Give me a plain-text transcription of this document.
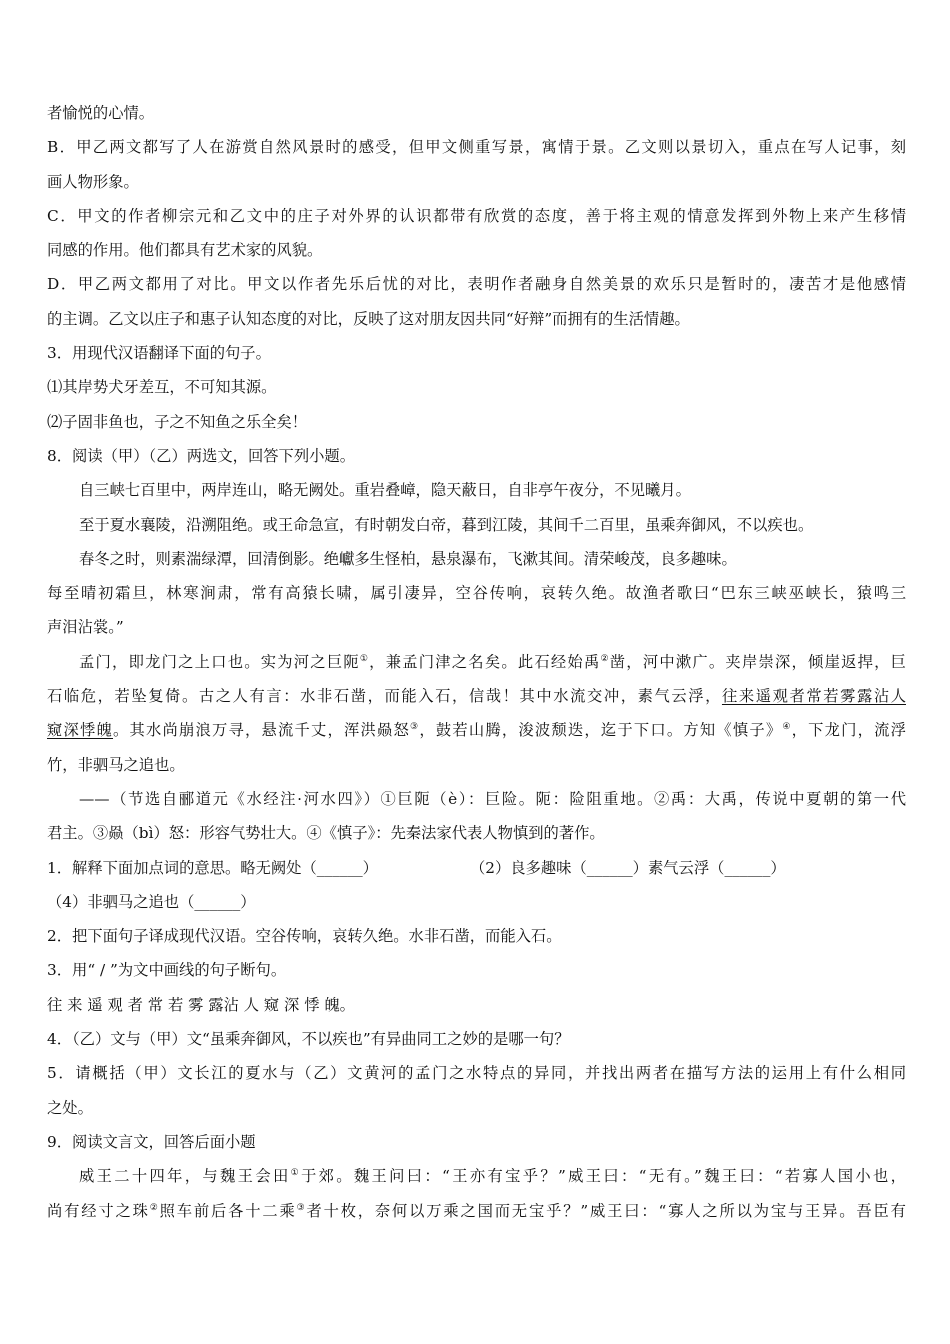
者愉悦的心情。
B．甲乙两文都写了人在游赏自然风景时的感受，但甲文侧重写景，寓情于景。乙文则以景切入，重点在写人记事，刻
画人物形象。
C．甲文的作者柳宗元和乙文中的庄子对外界的认识都带有欣赏的态度，善于将主观的情意发挥到外物上来产生移情
同感的作用。他们都具有艺术家的风貌。
D．甲乙两文都用了对比。甲文以作者先乐后忧的对比，表明作者融身自然美景的欢乐只是暂时的，凄苦才是他感情
的主调。乙文以庄子和惠子认知态度的对比，反映了这对朋友因共同“好辩”而拥有的生活情趣。
3．用现代汉语翻译下面的句子。
⑴其岸势犬牙差互，不可知其源。
⑵子固非鱼也，子之不知鱼之乐全矣！
8．阅读（甲）（乙）两选文，回答下列小题。
自三峡七百里中，两岸连山，略无阙处。重岩叠嶂，隐天蔽日，自非亭午夜分，不见曦月。
至于夏水襄陵，沿溯阻绝。或王命急宣，有时朝发白帝，暮到江陵，其间千二百里，虽乘奔御风，不以疾也。
春冬之时，则素湍绿潭，回清倒影。绝巘多生怪柏，悬泉瀑布，飞漱其间。清荣峻茂，良多趣味。
每至晴初霜旦，林寒涧肃，常有高猿长啸，属引凄异，空谷传响，哀转久绝。故渔者歌曰“巴东三峡巫峡长，猿鸣三
声泪沾裳。”
孟门，即龙门之上口也。实为河之巨阨①，兼孟门津之名矣。此石经始禹②凿，河中漱广。夹岸崇深，倾崖返捍，巨
石临危，若坠复倚。古之人有言：水非石凿，而能入石，信哉！其中水流交冲，素气云浮，往来遥观者常若雾露沾人
窥深悸魄。其水尚崩浪万寻，悬流千丈，浑洪赑怒③，鼓若山腾，浚波颓迭，迄于下口。方知《慎子》④，下龙门，流浮
竹，非驷马之追也。
——（节选自郦道元《水经注·河水四》）①巨阨（è）：巨险。阨：险阻重地。②禹：大禹，传说中夏朝的第一代
君主。③赑（bì）怒：形容气势壮大。④《慎子》：先秦法家代表人物慎到的著作。
1．解释下面加点词的意思。略无阙处（______）	（2）良多趣味（______）素气云浮（______）
（4）非驷马之追也（______）
2．把下面句子译成现代汉语。空谷传响，哀转久绝。水非石凿，而能入石。
3．用“ / ”为文中画线的句子断句。
往 来 遥 观 者 常 若 雾 露沾 人 窥 深 悸 魄。
4．（乙）文与（甲）文“虽乘奔御风，不以疾也”有异曲同工之妙的是哪一句？
5．请概括（甲）文长江的夏水与（乙）文黄河的孟门之水特点的异同，并找出两者在描写方法的运用上有什么相同
之处。
9．阅读文言文，回答后面小题
威王二十四年，与魏王会田①于郊。魏王问曰：“王亦有宝乎？”威王曰：“无有。”魏王曰：“若寡人国小也，
尚有经寸之珠②照车前后各十二乘③者十枚，奈何以万乘之国而无宝乎？”威王曰：“寡人之所以为宝与王异。吾臣有
